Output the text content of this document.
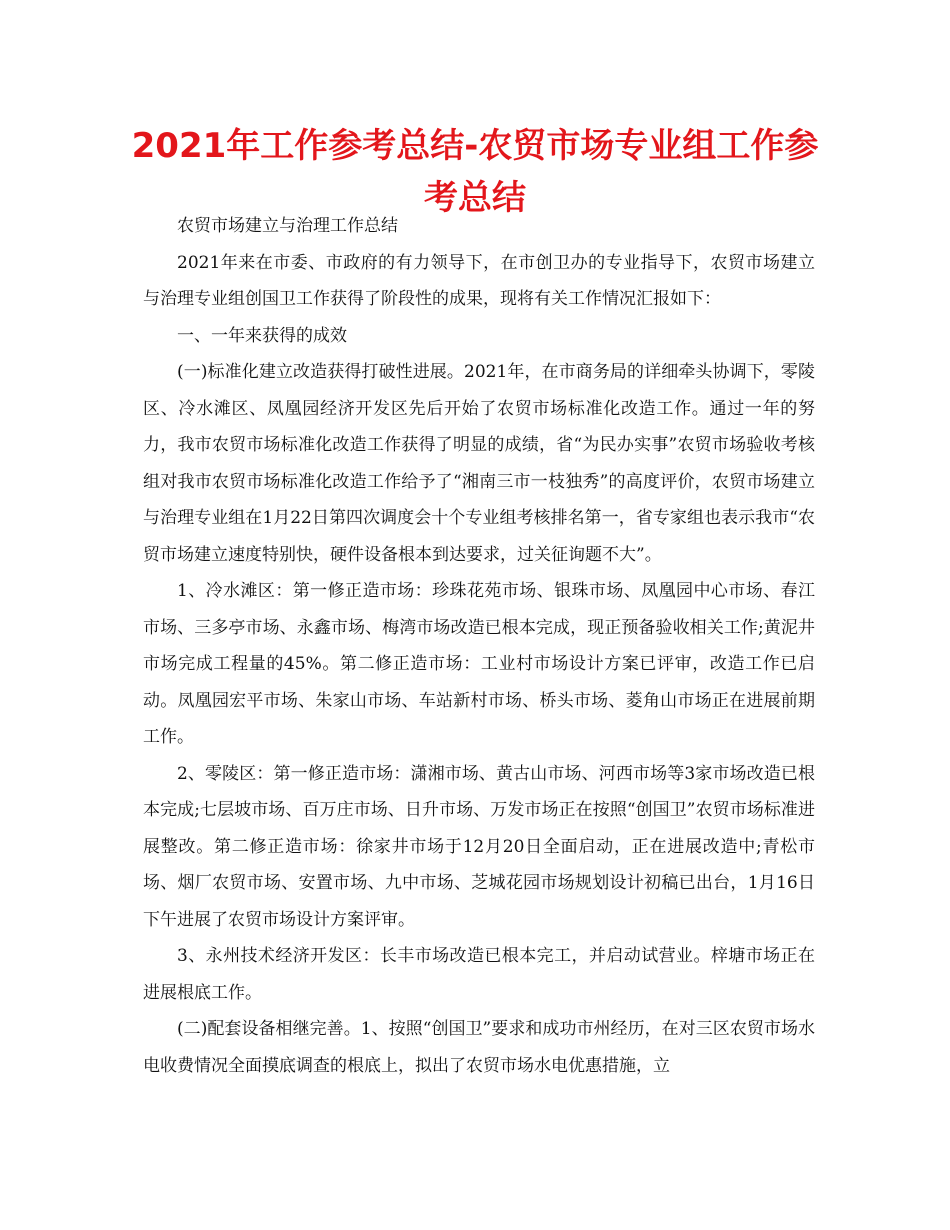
2021年工作参考总结-农贸市场专业组工作参考总结

农贸市场建立与治理工作总结

2021年来在市委、市政府的有力领导下，在市创卫办的专业指导下，农贸市场建立与治理专业组创国卫工作获得了阶段性的成果，现将有关工作情况汇报如下：

一、一年来获得的成效

(一)标准化建立改造获得打破性进展。2021年，在市商务局的详细牵头协调下，零陵区、冷水滩区、凤凰园经济开发区先后开始了农贸市场标准化改造工作。通过一年的努力，我市农贸市场标准化改造工作获得了明显的成绩，省“为民办实事”农贸市场验收考核组对我市农贸市场标准化改造工作给予了“湘南三市一枝独秀”的高度评价，农贸市场建立与治理专业组在1月22日第四次调度会十个专业组考核排名第一，省专家组也表示我市“农贸市场建立速度特别快，硬件设备根本到达要求，过关征询题不大”。

1、冷水滩区：第一修正造市场：珍珠花苑市场、银珠市场、凤凰园中心市场、春江市场、三多亭市场、永鑫市场、梅湾市场改造已根本完成，现正预备验收相关工作;黄泥井市场完成工程量的45%。第二修正造市场：工业村市场设计方案已评审，改造工作已启动。凤凰园宏平市场、朱家山市场、车站新村市场、桥头市场、菱角山市场正在进展前期工作。

2、零陵区：第一修正造市场：潇湘市场、黄古山市场、河西市场等3家市场改造已根本完成;七层坡市场、百万庄市场、日升市场、万发市场正在按照“创国卫”农贸市场标准进展整改。第二修正造市场：徐家井市场于12月20日全面启动，正在进展改造中;青松市场、烟厂农贸市场、安置市场、九中市场、芝城花园市场规划设计初稿已出台，1月16日下午进展了农贸市场设计方案评审。

3、永州技术经济开发区：长丰市场改造已根本完工，并启动试营业。梓塘市场正在进展根底工作。

(二)配套设备相继完善。1、按照“创国卫”要求和成功市州经历，在对三区农贸市场水电收费情况全面摸底调查的根底上，拟出了农贸市场水电优惠措施，立
